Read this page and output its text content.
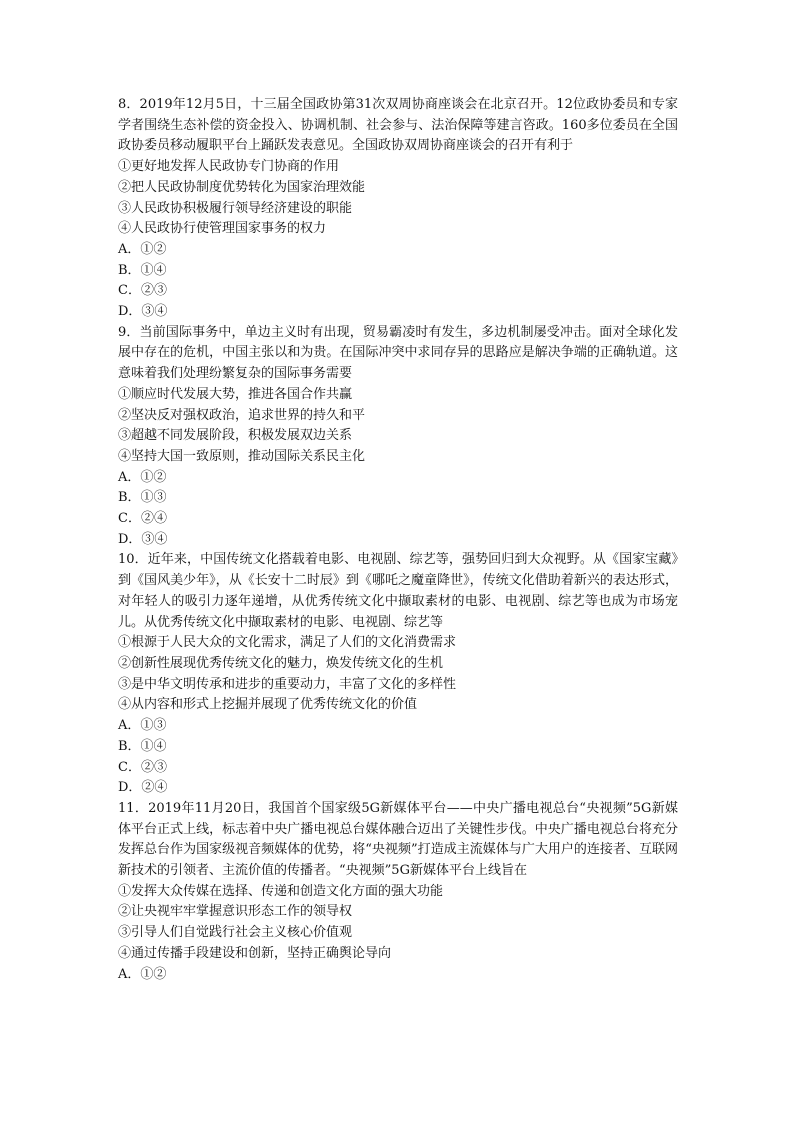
8．2019年12月5日，十三届全国政协第31次双周协商座谈会在北京召开。12位政协委员和专家学者围绕生态补偿的资金投入、协调机制、社会参与、法治保障等建言咨政。160多位委员在全国政协委员移动履职平台上踊跃发表意见。全国政协双周协商座谈会的召开有利于

①更好地发挥人民政协专门协商的作用

②把人民政协制度优势转化为国家治理效能

③人民政协积极履行领导经济建设的职能

④人民政协行使管理国家事务的权力

A．①②

B．①④

C．②③

D．③④

9．当前国际事务中，单边主义时有出现，贸易霸凌时有发生，多边机制屡受冲击。面对全球化发展中存在的危机，中国主张以和为贵。在国际冲突中求同存异的思路应是解决争端的正确轨道。这意味着我们处理纷繁复杂的国际事务需要

①顺应时代发展大势，推进各国合作共赢

②坚决反对强权政治，追求世界的持久和平

③超越不同发展阶段，积极发展双边关系

④坚持大国一致原则，推动国际关系民主化

A．①②

B．①③

C．②④

D．③④

10．近年来，中国传统文化搭载着电影、电视剧、综艺等，强势回归到大众视野。从《国家宝藏》到《国风美少年》，从《长安十二时辰》到《哪吒之魔童降世》，传统文化借助着新兴的表达形式，对年轻人的吸引力逐年递增，从优秀传统文化中撷取素材的电影、电视剧、综艺等也成为市场宠儿。从优秀传统文化中撷取素材的电影、电视剧、综艺等

①根源于人民大众的文化需求，满足了人们的文化消费需求

②创新性展现优秀传统文化的魅力，焕发传统文化的生机

③是中华文明传承和进步的重要动力，丰富了文化的多样性

④从内容和形式上挖掘并展现了优秀传统文化的价值

A．①③

B．①④

C．②③

D．②④

11．2019年11月20日，我国首个国家级5G新媒体平台——中央广播电视总台“央视频”5G新媒体平台正式上线，标志着中央广播电视总台媒体融合迈出了关键性步伐。中央广播电视总台将充分发挥总台作为国家级视音频媒体的优势，将“央视频”打造成主流媒体与广大用户的连接者、互联网新技术的引领者、主流价值的传播者。“央视频”5G新媒体平台上线旨在

①发挥大众传媒在选择、传递和创造文化方面的强大功能

②让央视牢牢掌握意识形态工作的领导权

③引导人们自觉践行社会主义核心价值观

④通过传播手段建设和创新，坚持正确舆论导向

A．①②
